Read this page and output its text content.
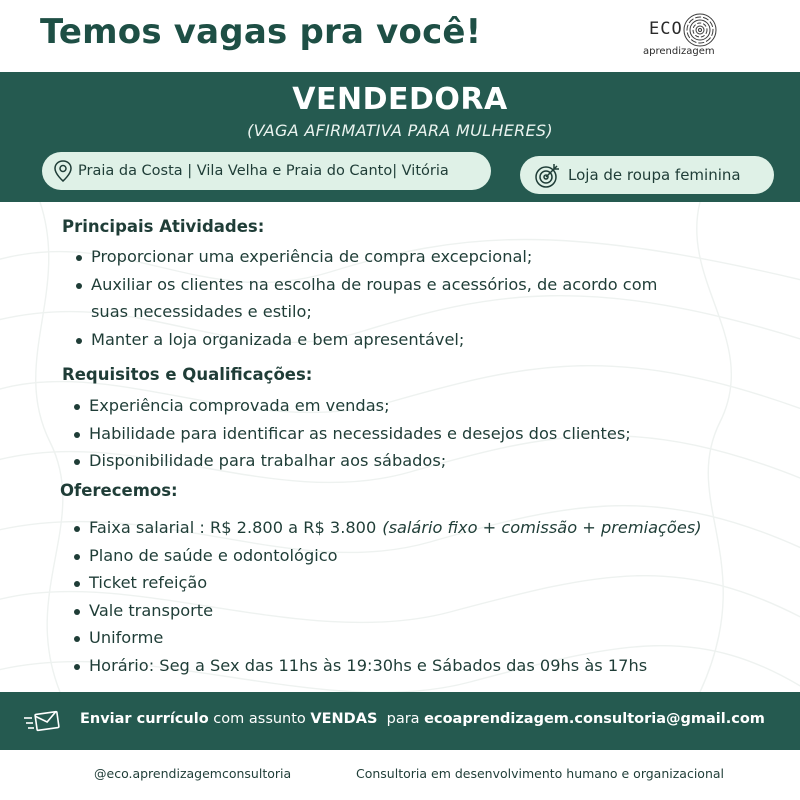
Temos vagas pra você!	ECO
aprendizagem
VENDEDORA
(VAGA AFIRMATIVA PARA MULHERES)
Praia da Costa | Vila Velha e Praia do Canto| Vitória	Loja de roupa feminina
Principais Atividades:
Proporcionar uma experiência de compra excepcional;
Auxiliar os clientes na escolha de roupas e acessórios, de acordo com
suas necessidades e estilo;
Manter a loja organizada e bem apresentável;
Requisitos e Qualificações:
Experiência comprovada em vendas;
Habilidade para identificar as necessidades e desejos dos clientes;
Disponibilidade para trabalhar aos sábados;
Oferecemos:
Faixa salarial : R$ 2.800 a R$ 3.800 (salário fixo + comissão + premiações)
Plano de saúde e odontológico
Ticket refeição
Vale transporte
Uniforme
Horário: Seg a Sex das 11hs às 19:30hs e Sábados das 09hs às 17hs
Enviar currículo com assunto VENDAS  para ecoaprendizagem.consultoria@gmail.com
@eco.aprendizagemconsultoria	Consultoria em desenvolvimento humano e organizacional
